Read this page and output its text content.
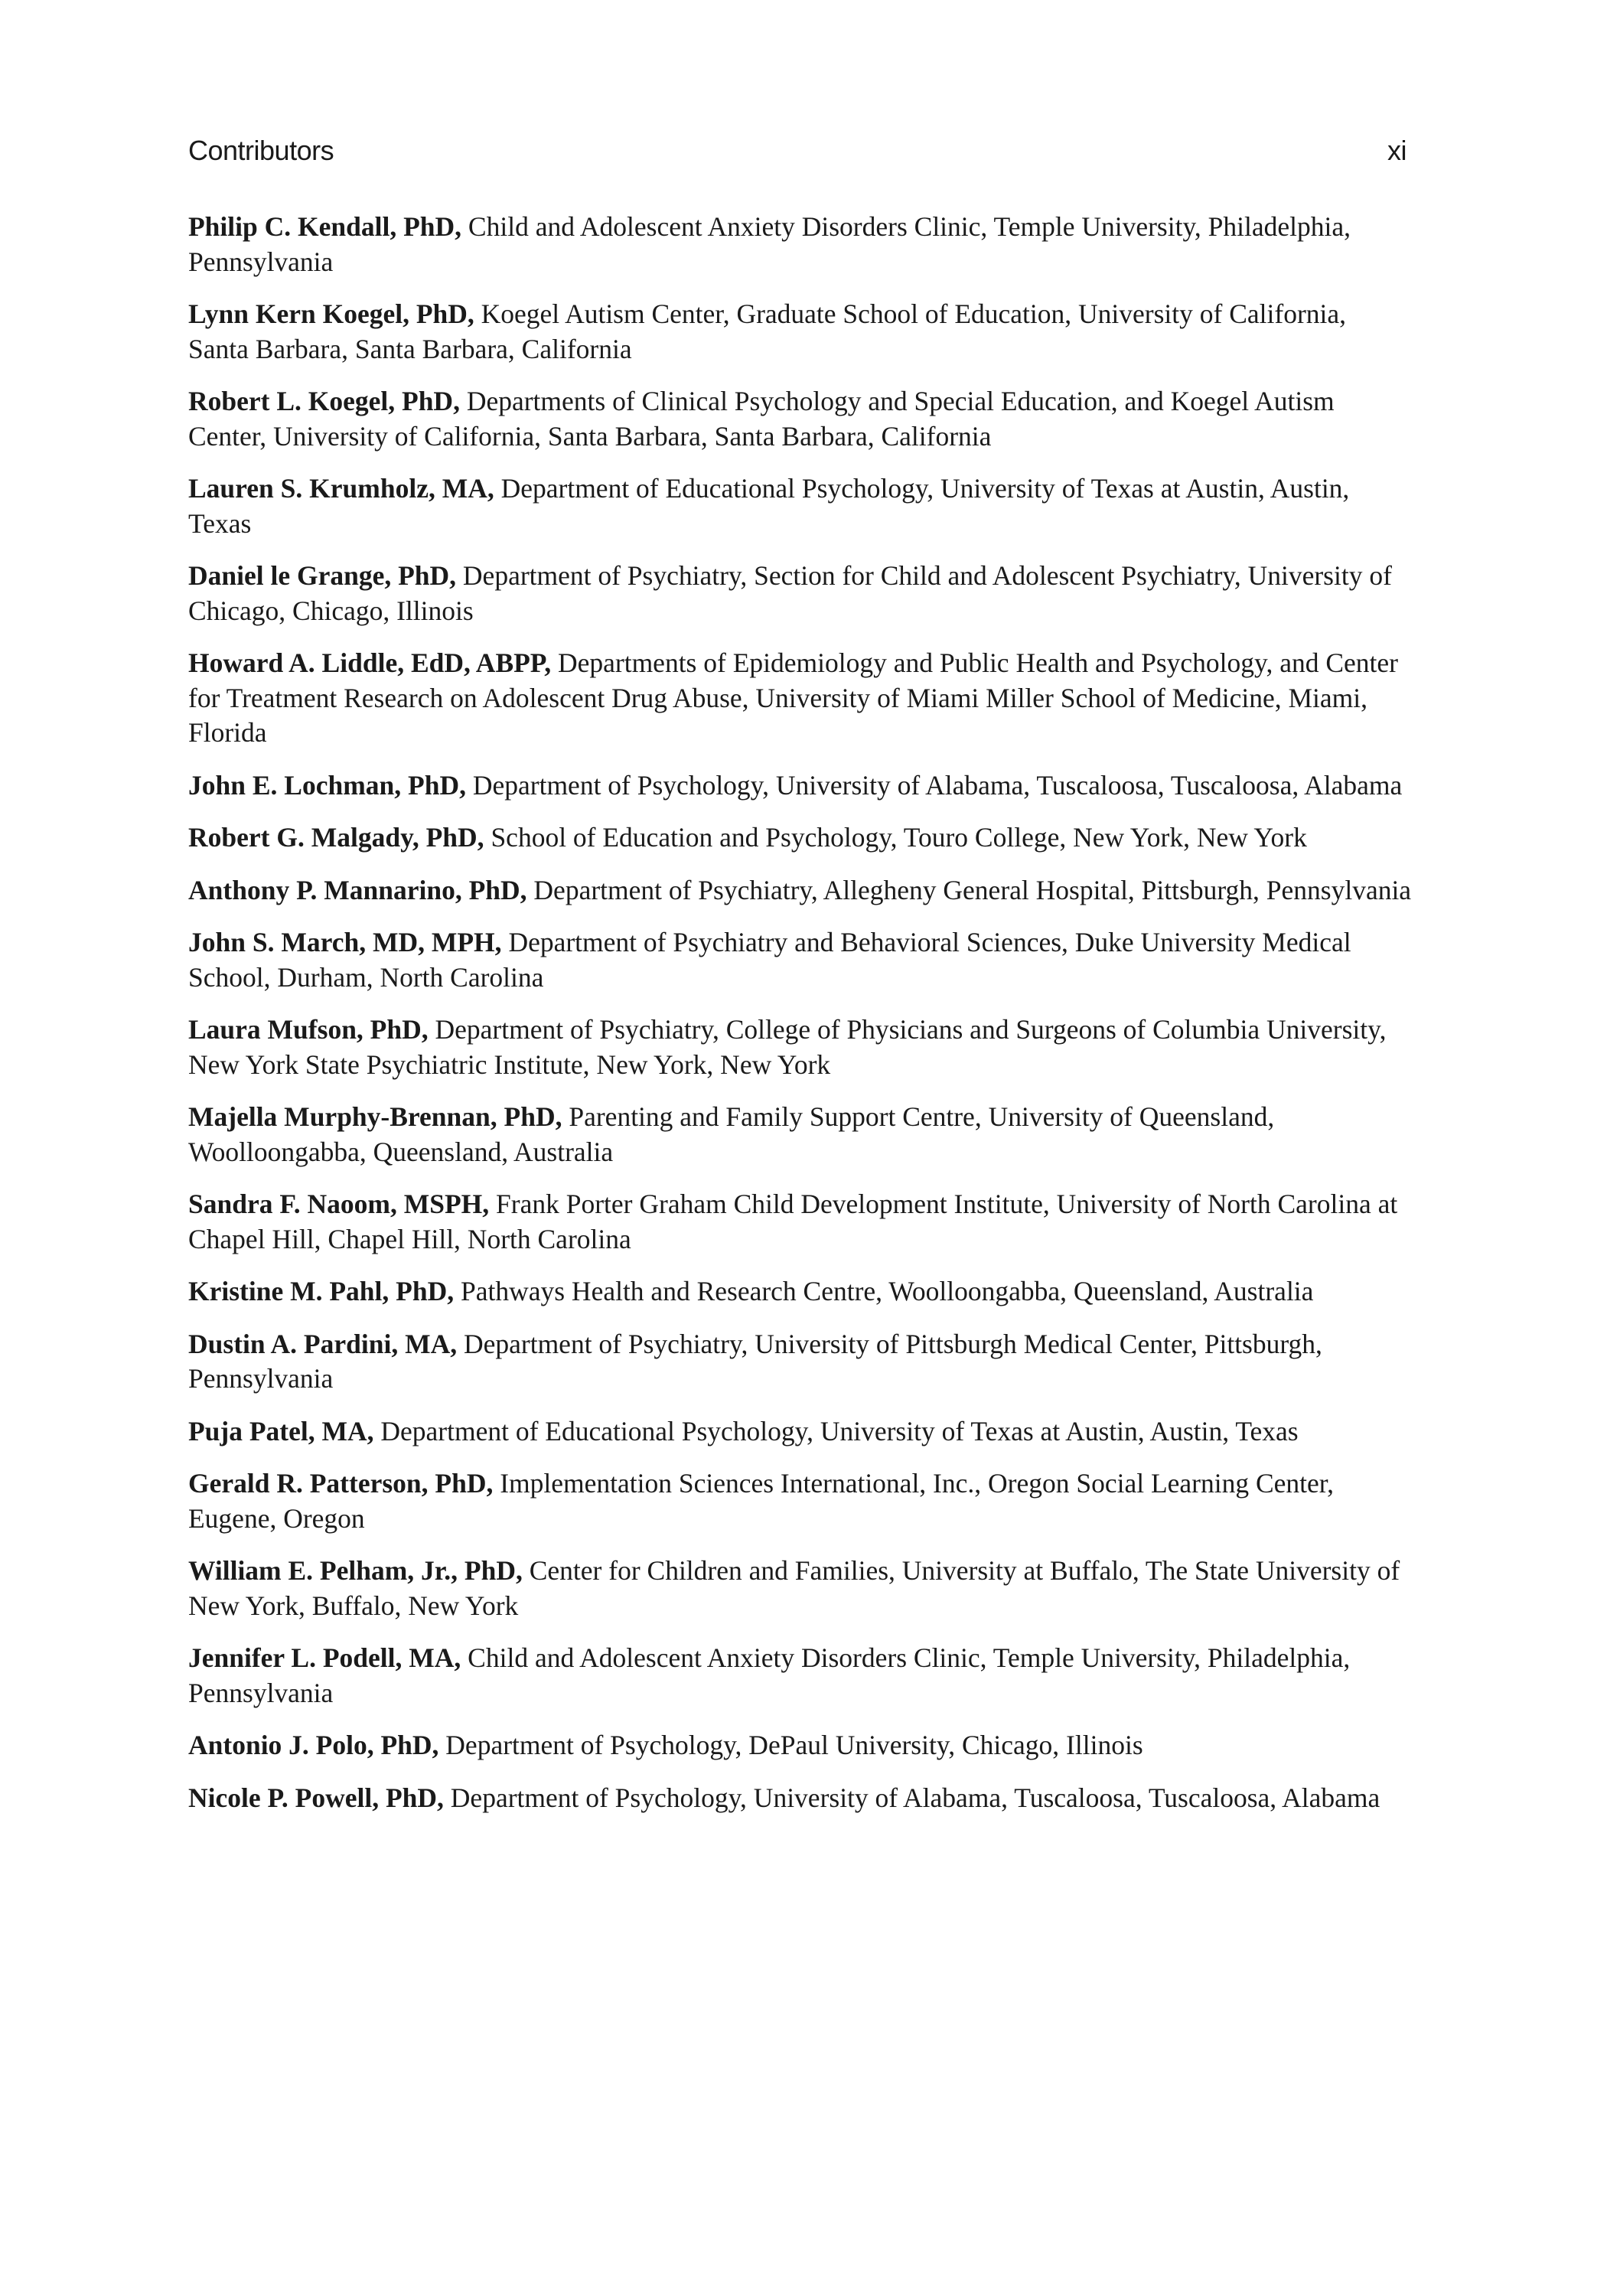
Contributors	xi

Philip C. Kendall, PhD, Child and Adolescent Anxiety Disorders Clinic, Temple University, Philadelphia, Pennsylvania

Lynn Kern Koegel, PhD, Koegel Autism Center, Graduate School of Education, University of California, Santa Barbara, Santa Barbara, California

Robert L. Koegel, PhD, Departments of Clinical Psychology and Special Education, and Koegel Autism Center, University of California, Santa Barbara, Santa Barbara, California

Lauren S. Krumholz, MA, Department of Educational Psychology, University of Texas at Austin, Austin, Texas

Daniel le Grange, PhD, Department of Psychiatry, Section for Child and Adolescent Psychiatry, University of Chicago, Chicago, Illinois

Howard A. Liddle, EdD, ABPP, Departments of Epidemiology and Public Health and Psychology, and Center for Treatment Research on Adolescent Drug Abuse, University of Miami Miller School of Medicine, Miami, Florida

John E. Lochman, PhD, Department of Psychology, University of Alabama, Tuscaloosa, Tuscaloosa, Alabama

Robert G. Malgady, PhD, School of Education and Psychology, Touro College, New York, New York

Anthony P. Mannarino, PhD, Department of Psychiatry, Allegheny General Hospital, Pittsburgh, Pennsylvania

John S. March, MD, MPH, Department of Psychiatry and Behavioral Sciences, Duke University Medical School, Durham, North Carolina

Laura Mufson, PhD, Department of Psychiatry, College of Physicians and Surgeons of Columbia University, New York State Psychiatric Institute, New York, New York

Majella Murphy-Brennan, PhD, Parenting and Family Support Centre, University of Queensland, Woolloongabba, Queensland, Australia

Sandra F. Naoom, MSPH, Frank Porter Graham Child Development Institute, University of North Carolina at Chapel Hill, Chapel Hill, North Carolina

Kristine M. Pahl, PhD, Pathways Health and Research Centre, Woolloongabba, Queensland, Australia

Dustin A. Pardini, MA, Department of Psychiatry, University of Pittsburgh Medical Center, Pittsburgh, Pennsylvania

Puja Patel, MA, Department of Educational Psychology, University of Texas at Austin, Austin, Texas

Gerald R. Patterson, PhD, Implementation Sciences International, Inc., Oregon Social Learning Center, Eugene, Oregon

William E. Pelham, Jr., PhD, Center for Children and Families, University at Buffalo, The State University of New York, Buffalo, New York

Jennifer L. Podell, MA, Child and Adolescent Anxiety Disorders Clinic, Temple University, Philadelphia, Pennsylvania

Antonio J. Polo, PhD, Department of Psychology, DePaul University, Chicago, Illinois

Nicole P. Powell, PhD, Department of Psychology, University of Alabama, Tuscaloosa, Tuscaloosa, Alabama
